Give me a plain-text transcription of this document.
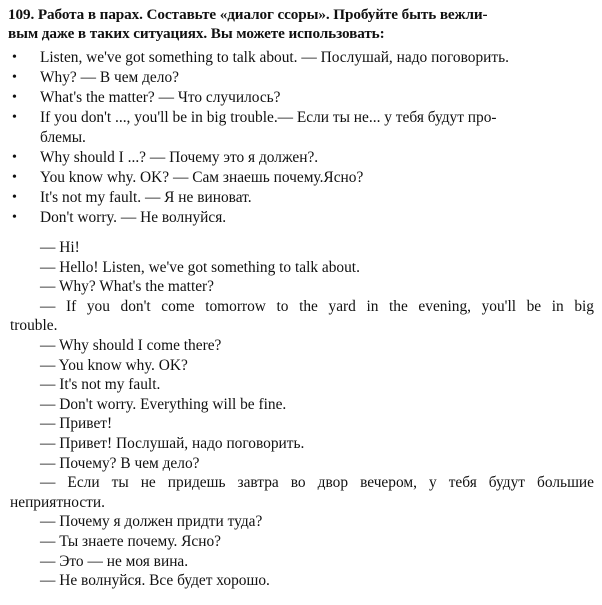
109. Работа в парах. Составьте «диалог ссоры». Пробуйте быть вежли-
вым даже в таких ситуациях. Вы можете использовать:
• Listen, we've got something to talk about. — Послушай, надо поговорить.
• Why? — В чем дело?
• What's the matter? — Что случилось?
• If you don't ..., you'll be in big trouble.— Если ты не... у тебя будут про-
блемы.
• Why should I ...? — Почему это я должен?.
• You know why. OK? — Сам знаешь почему.Ясно?
• It's not my fault. — Я не виноват.
• Don't worry. — Не волнуйся.
— Hi!
— Hello! Listen, we've got something to talk about.
— Why? What's the matter?
— If you don't come tomorrow to the yard in the evening, you'll be in big
trouble.
— Why should I come there?
— You know why. OK?
— It's not my fault.
— Don't worry. Everything will be fine.
— Привет!
— Привет! Послушай, надо поговорить.
— Почему? В чем дело?
— Если ты не придешь завтра во двор вечером, у тебя будут большие
неприятности.
— Почему я должен придти туда?
— Ты знаете почему. Ясно?
— Это — не моя вина.
— Не волнуйся. Все будет хорошо.
